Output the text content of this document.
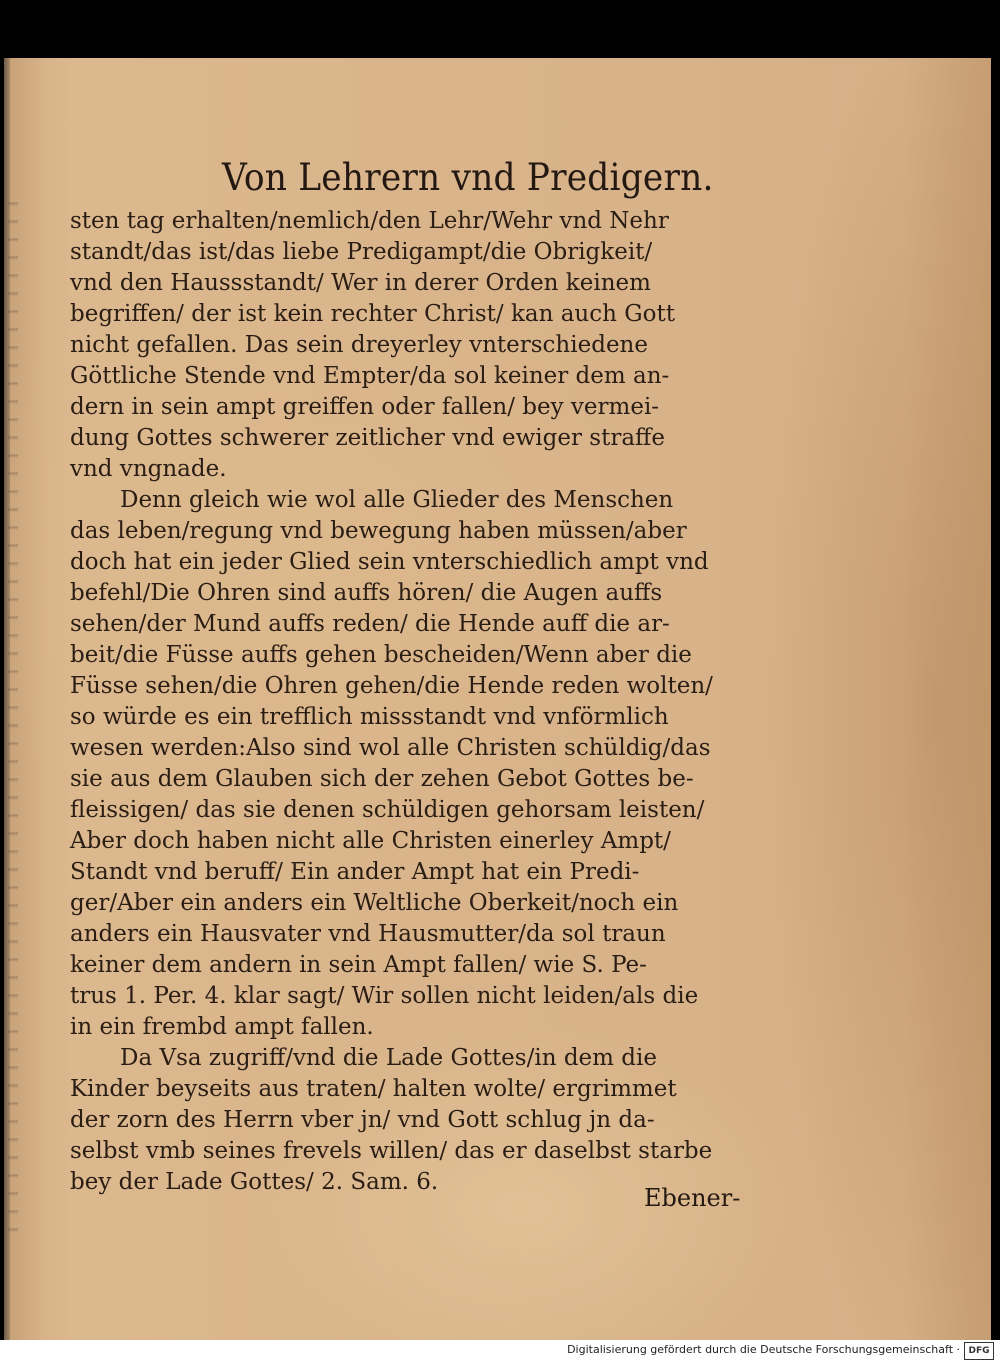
Von Lehrern vnd Predigern.
sten tag erhalten/nemlich/den Lehr/Wehr vnd Nehr
standt/das ist/das liebe Predigampt/die Obrigkeit/
vnd den Haussstandt/ Wer in derer Orden keinem
begriffen/ der ist kein rechter Christ/ kan auch Gott
nicht gefallen. Das sein dreyerley vnterschiedene
Göttliche Stende vnd Empter/da sol keiner dem an-
dern in sein ampt greiffen oder fallen/ bey vermei-
dung Gottes schwerer zeitlicher vnd ewiger straffe
vnd vngnade.
Denn gleich wie wol alle Glieder des Menschen
das leben/regung vnd bewegung haben müssen/aber
doch hat ein jeder Glied sein vnterschiedlich ampt vnd
befehl/Die Ohren sind auffs hören/ die Augen auffs
sehen/der Mund auffs reden/ die Hende auff die ar-
beit/die Füsse auffs gehen bescheiden/Wenn aber die
Füsse sehen/die Ohren gehen/die Hende reden wolten/
so würde es ein trefflich missstandt vnd vnförmlich
wesen werden:Also sind wol alle Christen schüldig/das
sie aus dem Glauben sich der zehen Gebot Gottes be-
fleissigen/ das sie denen schüldigen gehorsam leisten/
Aber doch haben nicht alle Christen einerley Ampt/
Standt vnd beruff/ Ein ander Ampt hat ein Predi-
ger/Aber ein anders ein Weltliche Oberkeit/noch ein
anders ein Hausvater vnd Hausmutter/da sol traun
keiner dem andern in sein Ampt fallen/ wie S. Pe-
trus 1. Per. 4. klar sagt/ Wir sollen nicht leiden/als die
in ein frembd ampt fallen.
Da Vsa zugriff/vnd die Lade Gottes/in dem die
Kinder beyseits aus traten/ halten wolte/ ergrimmet
der zorn des Herrn vber jn/ vnd Gott schlug jn da-
selbst vmb seines frevels willen/ das er daselbst starbe
bey der Lade Gottes/ 2. Sam. 6.
Ebener-
Digitalisierung gefördert durch die Deutsche Forschungsgemeinschaft · DFG
